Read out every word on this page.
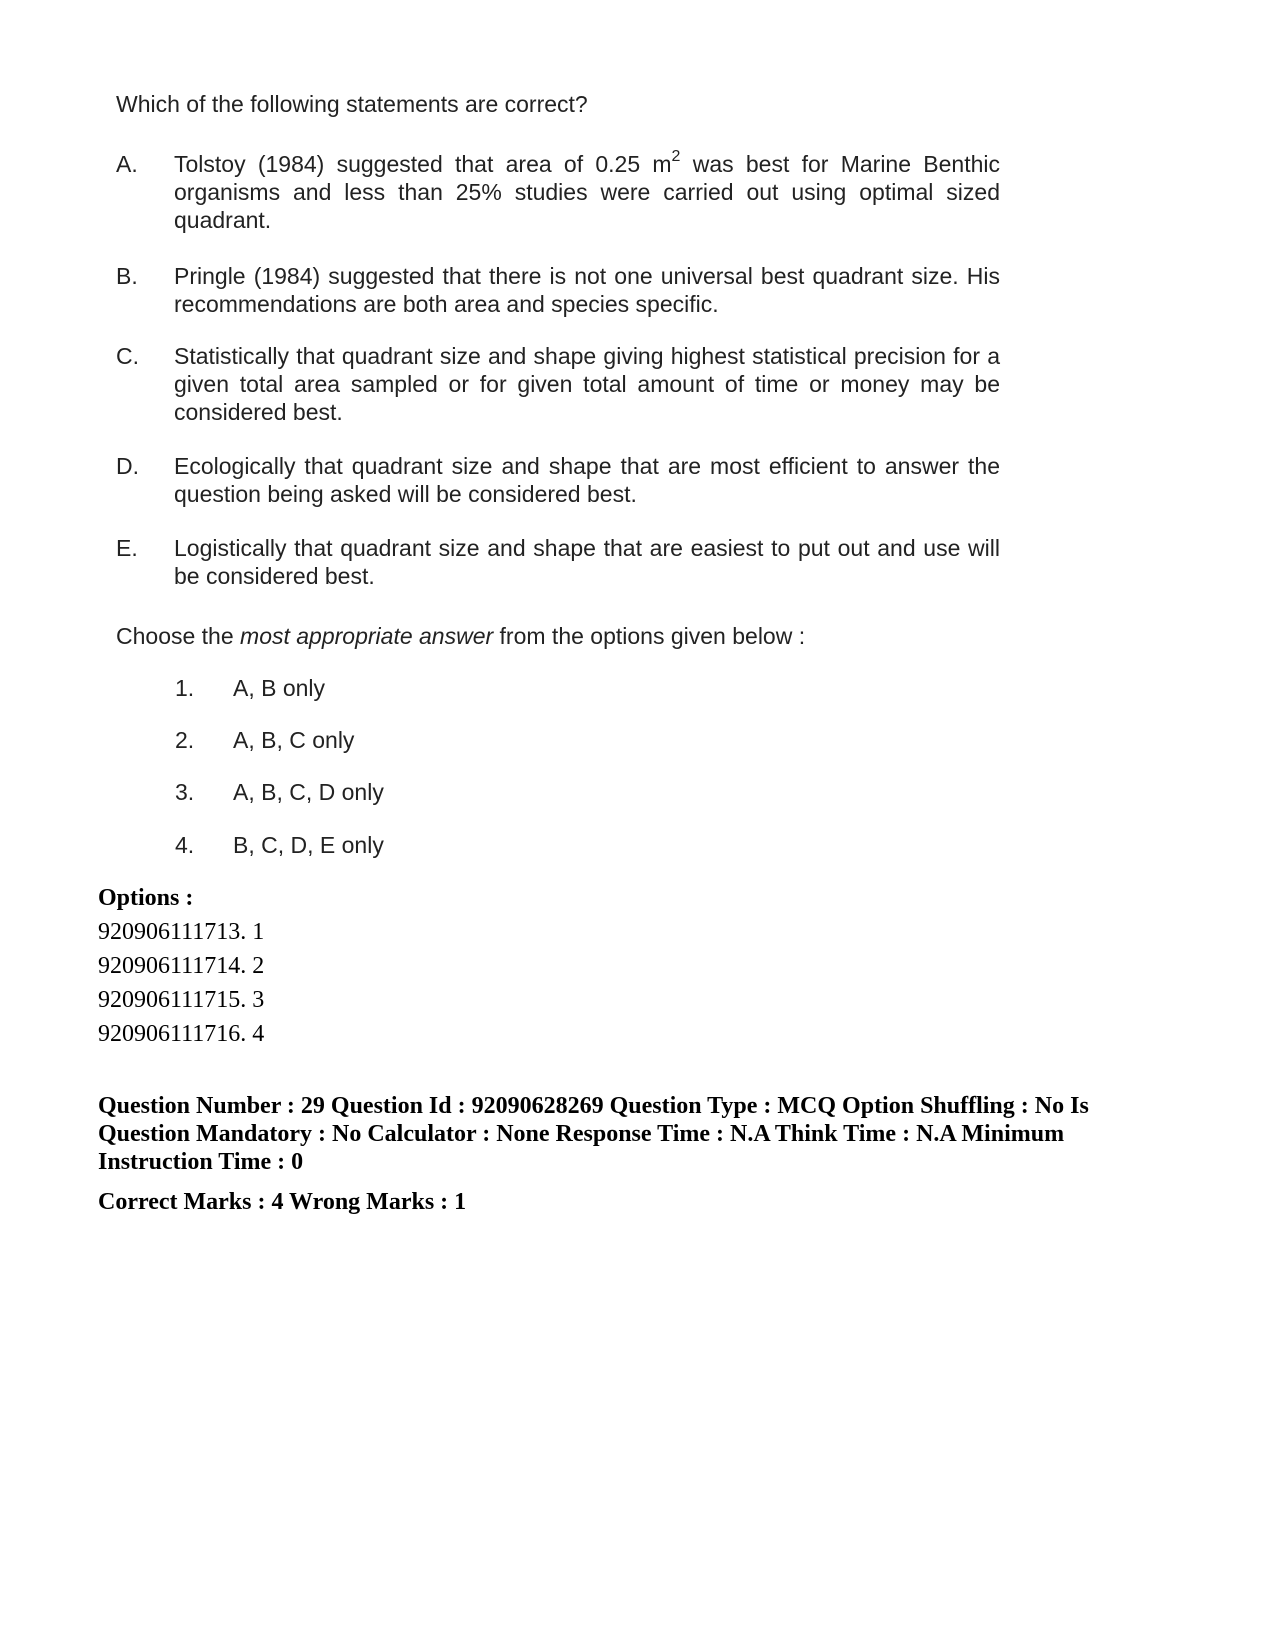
Which of the following statements are correct?

A.	Tolstoy (1984) suggested that area of 0.25 $m^2$ was best for Marine Benthic organisms and less than 25% studies were carried out using optimal sized quadrant.
B.	Pringle (1984) suggested that there is not one universal best quadrant size. His recommendations are both area and species specific.
C.	Statistically that quadrant size and shape giving highest statistical precision for a given total area sampled or for given total amount of time or money may be considered best.
D.	Ecologically that quadrant size and shape that are most efficient to answer the question being asked will be considered best.
E.	Logistically that quadrant size and shape that are easiest to put out and use will be considered best.
Choose the most appropriate answer from the options given below :
1.	A, B only
2.	A, B, C only
3.	A, B, C, D only
4.	B, C, D, E only
Options :
920906111713. 1
920906111714. 2
920906111715. 3
920906111716. 4
Question Number : 29 Question Id : 92090628269 Question Type : MCQ Option Shuffling : No Is Question Mandatory : No Calculator : None Response Time : N.A Think Time : N.A Minimum Instruction Time : 0
Correct Marks : 4 Wrong Marks : 1
